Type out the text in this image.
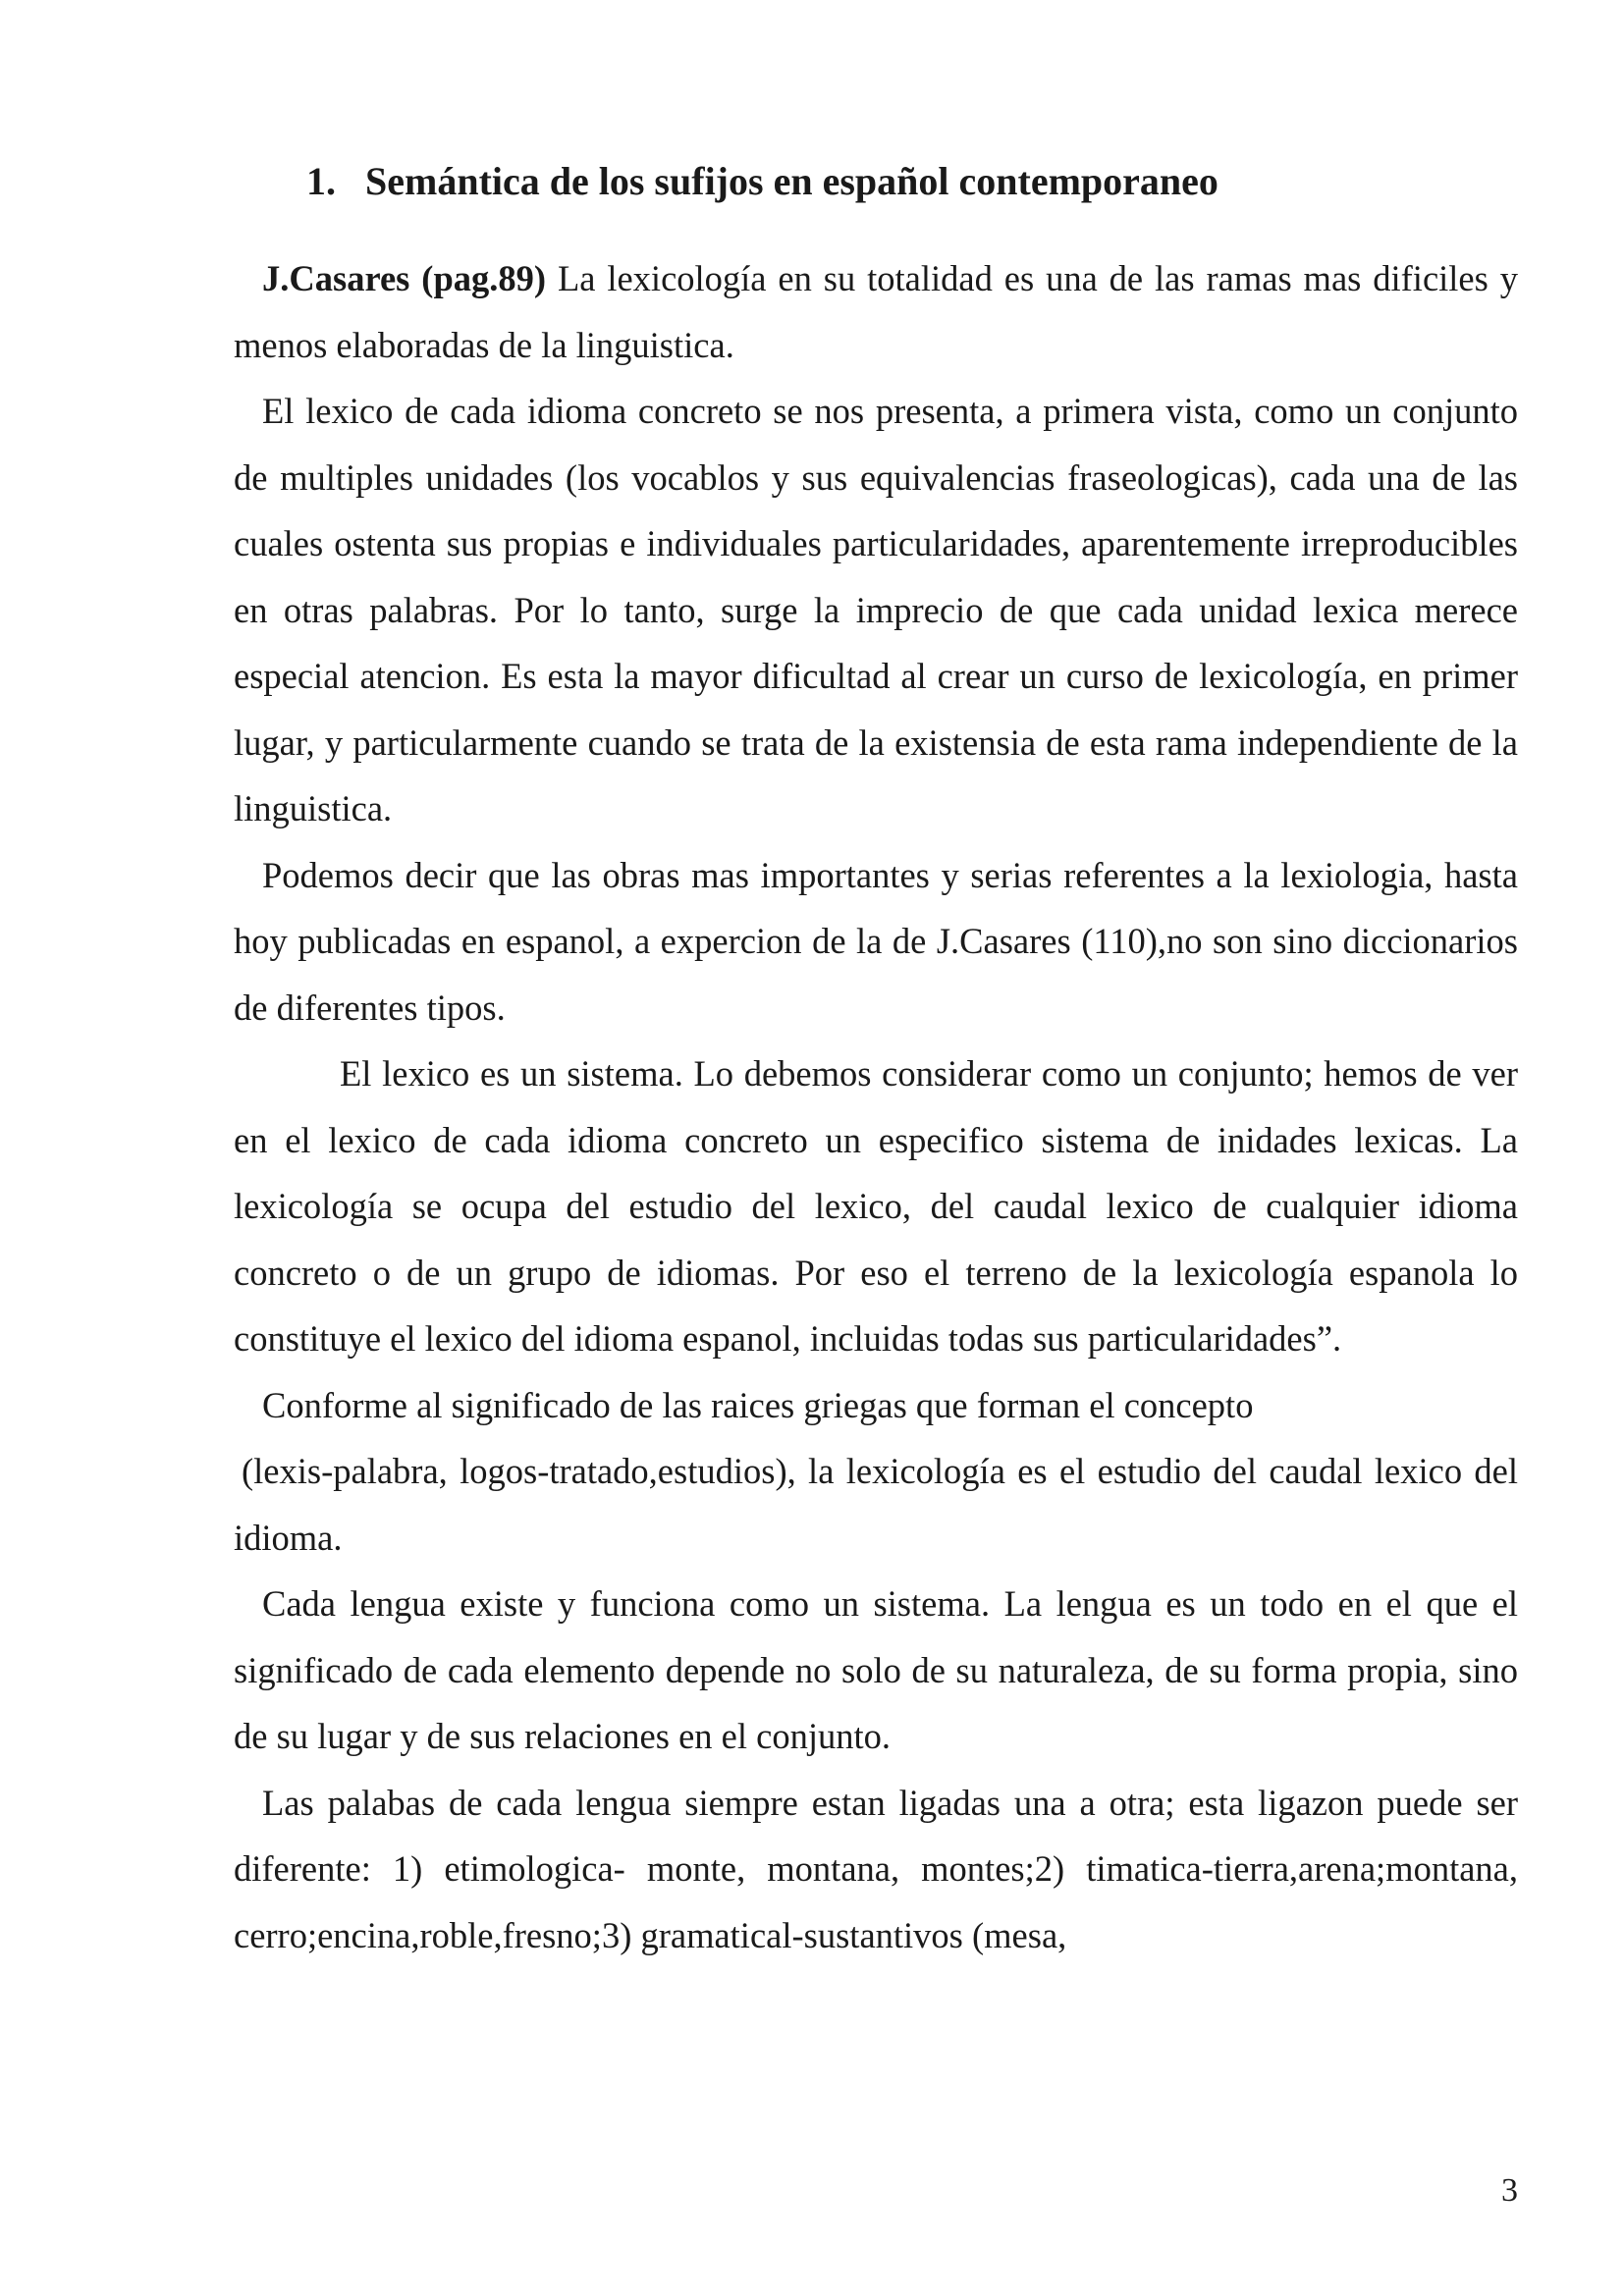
1. Semántica de los sufijos en español contemporaneo

J.Casares (pag.89) La lexicología en su totalidad es una de las ramas mas dificiles y menos elaboradas de la linguistica.

El lexico de cada idioma concreto se nos presenta, a primera vista, como un conjunto de multiples unidades (los vocablos y sus equivalencias fraseologicas), cada una de las cuales ostenta sus propias e individuales particularidades, aparentemente irreproducibles en otras palabras. Por lo tanto, surge la imprecio de que cada unidad lexica merece especial atencion. Es esta la mayor dificultad al crear un curso de lexicología, en primer lugar, y particularmente cuando se trata de la existensia de esta rama independiente de la linguistica.

Podemos decir que las obras mas importantes y serias referentes a la lexiologia, hasta hoy publicadas en espanol, a expercion de la de J.Casares (110),no son sino diccionarios de diferentes tipos.

El lexico es un sistema. Lo debemos considerar como un conjunto; hemos de ver en el lexico de cada idioma concreto un especifico sistema de inidades lexicas. La lexicología se ocupa del estudio del lexico, del caudal lexico de cualquier idioma concreto o de un grupo de idiomas. Por eso el terreno de la lexicología espanola lo constituye el lexico del idioma espanol, incluidas todas sus particularidades”.

Conforme al significado de las raices griegas que forman el concepto

(lexis-palabra, logos-tratado,estudios), la lexicología es el estudio del caudal lexico del idioma.

Cada lengua existe y funciona como un sistema. La lengua es un todo en el que el significado de cada elemento depende no solo de su naturaleza, de su forma propia, sino de su lugar y de sus relaciones en el conjunto.

Las palabas de cada lengua siempre estan ligadas una a otra; esta ligazon puede ser diferente: 1) etimologica- monte, montana, montes;2) timatica-tierra,arena;montana, cerro;encina,roble,fresno;3) gramatical-sustantivos (mesa,

3
